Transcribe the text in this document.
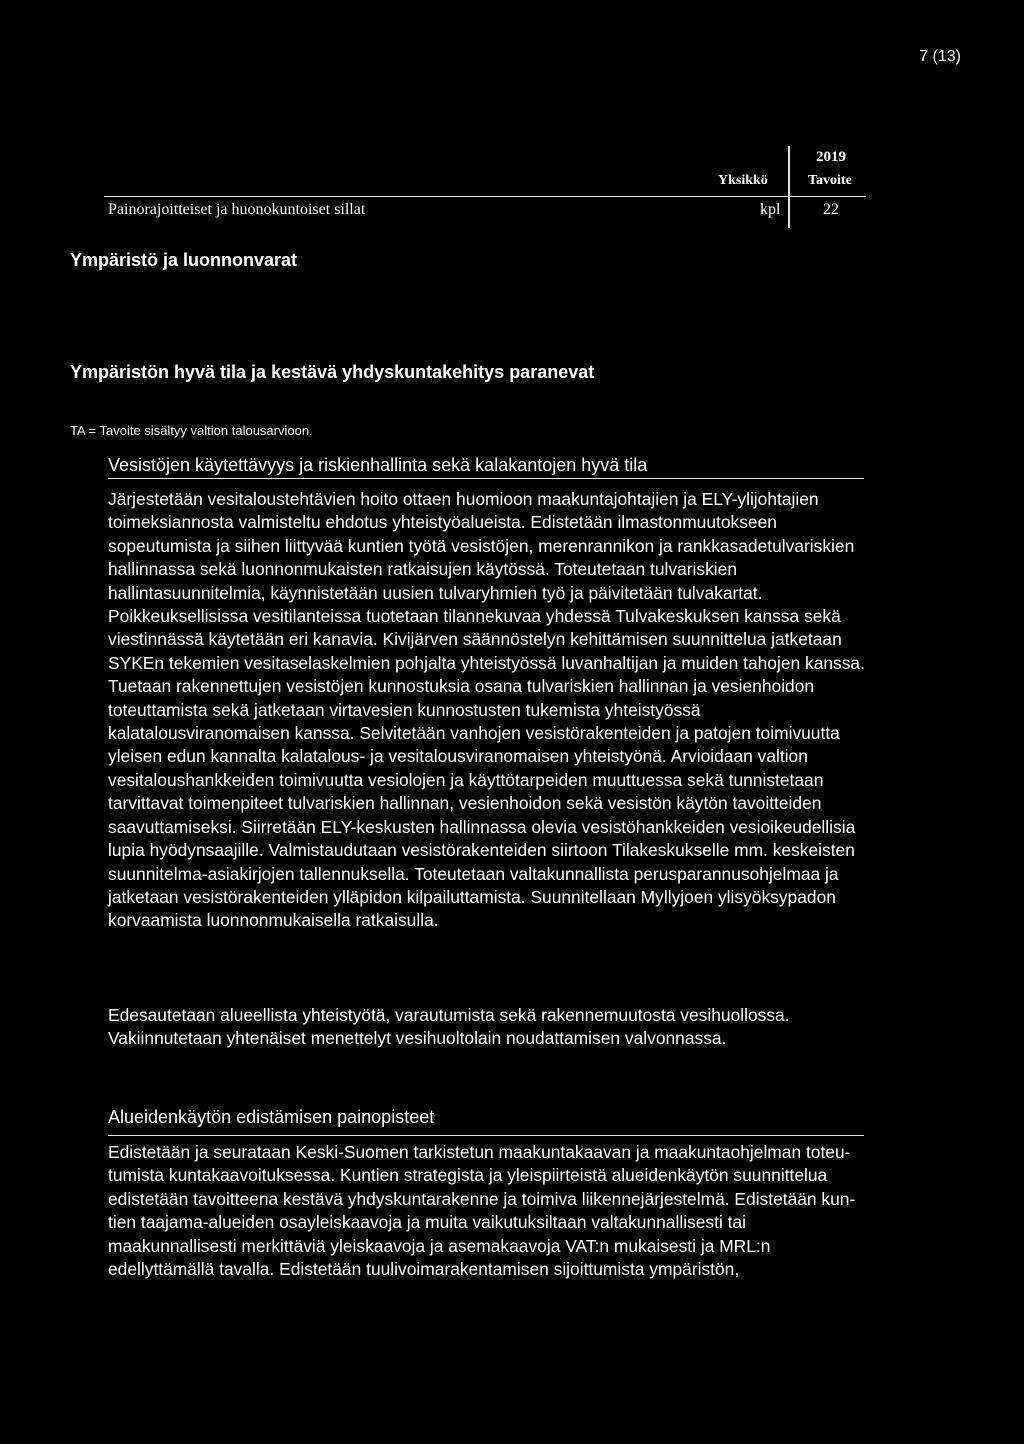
7 (13)
2019
Yksikkö	Tavoite
Painorajoitteiset ja huonokuntoiset sillat	kpl	22
Ympäristö ja luonnonvarat
Ympäristön hyvä tila ja kestävä yhdyskuntakehitys paranevat
TA = Tavoite sisältyy valtion talousarvioon.
Vesistöjen käytettävyys ja riskienhallinta sekä kalakantojen hyvä tila

Järjestetään vesitaloustehtävien hoito ottaen huomioon maakuntajohtajien ja ELY-ylijohtajien toimeksiannosta valmisteltu ehdotus yhteistyöalueista. Edistetään ilmastonmuutokseen sopeutumista ja siihen liittyvää kuntien työtä vesistöjen, merenrannikon ja rankkasadetulvariskien hallinnassa sekä luonnonmukaisten ratkaisujen käytössä. Toteutetaan tulvariskien hallintasuunnitelmia, käynnistetään uusien tulvaryhmien työ ja päivitetään tulvakartat. Poikkeuksellisissa vesitilanteissa tuotetaan tilannekuvaa yhdessä Tulvakeskuksen kanssa sekä viestinnässä käytetään eri kanavia. Kivijärven säännöstelyn kehittämisen suunnittelua jatketaan SYKEn tekemien vesitaselaskelmien pohjalta yhteistyössä luvanhaltijan ja muiden tahojen kanssa. Tuetaan rakennettujen vesistöjen kunnostuksia osana tulvariskien hallinnan ja vesienhoidon toteuttamista sekä jatketaan virtavesien kunnostusten tukemista yhteistyössä kalatalousviranomaisen kanssa. Selvitetään vanhojen vesistörakenteiden ja patojen toimivuutta yleisen edun kannalta kalatalous- ja vesitalousviranomaisen yhteistyönä. Arvioidaan valtion vesitaloushankkeiden toimivuutta vesiolojen ja käyttötarpeiden muuttuessa sekä tunnistetaan tarvittavat toimenpiteet tulvariskien hallinnan, vesienhoidon sekä vesistön käytön tavoitteiden saavuttamiseksi. Siirretään ELY-keskusten hallinnassa olevia vesistöhankkeiden vesioikeudellisia lupia hyödynsaajille. Valmistaudutaan vesistörakenteiden siirtoon Tilakeskukselle mm. keskeisten suunnitelma-asiakirjojen tallennuksella. Toteutetaan valtakunnallista perusparannusohjelmaa ja jatketaan vesistörakenteiden ylläpidon kilpailuttamista. Suunnitellaan Myllyjoen ylisyöksypadon korvaamista luonnonmukaisella ratkaisulla.

Edesautetaan alueellista yhteistyötä, varautumista sekä rakennemuutosta vesihuollossa. Vakiinnutetaan yhtenäiset menettelyt vesihuoltolain noudattamisen valvonnassa.

Alueidenkäytön edistämisen painopisteet

Edistetään ja seurataan Keski-Suomen tarkistetun maakuntakaavan ja maakuntaohjelman toteu-tumista kuntakaavoituksessa. Kuntien strategista ja yleispiirteistä alueidenkäytön suunnittelua edistetään tavoitteena kestävä yhdyskuntarakenne ja toimiva liikennejärjestelmä. Edistetään kun-tien taajama-alueiden osayleiskaavoja ja muita vaikutuksiltaan valtakunnallisesti tai maakunnallisesti merkittäviä yleiskaavoja ja asemakaavoja VAT:n mukaisesti ja MRL:n edellyttämällä tavalla. Edistetään tuulivoimarakentamisen sijoittumista ympäristön,
